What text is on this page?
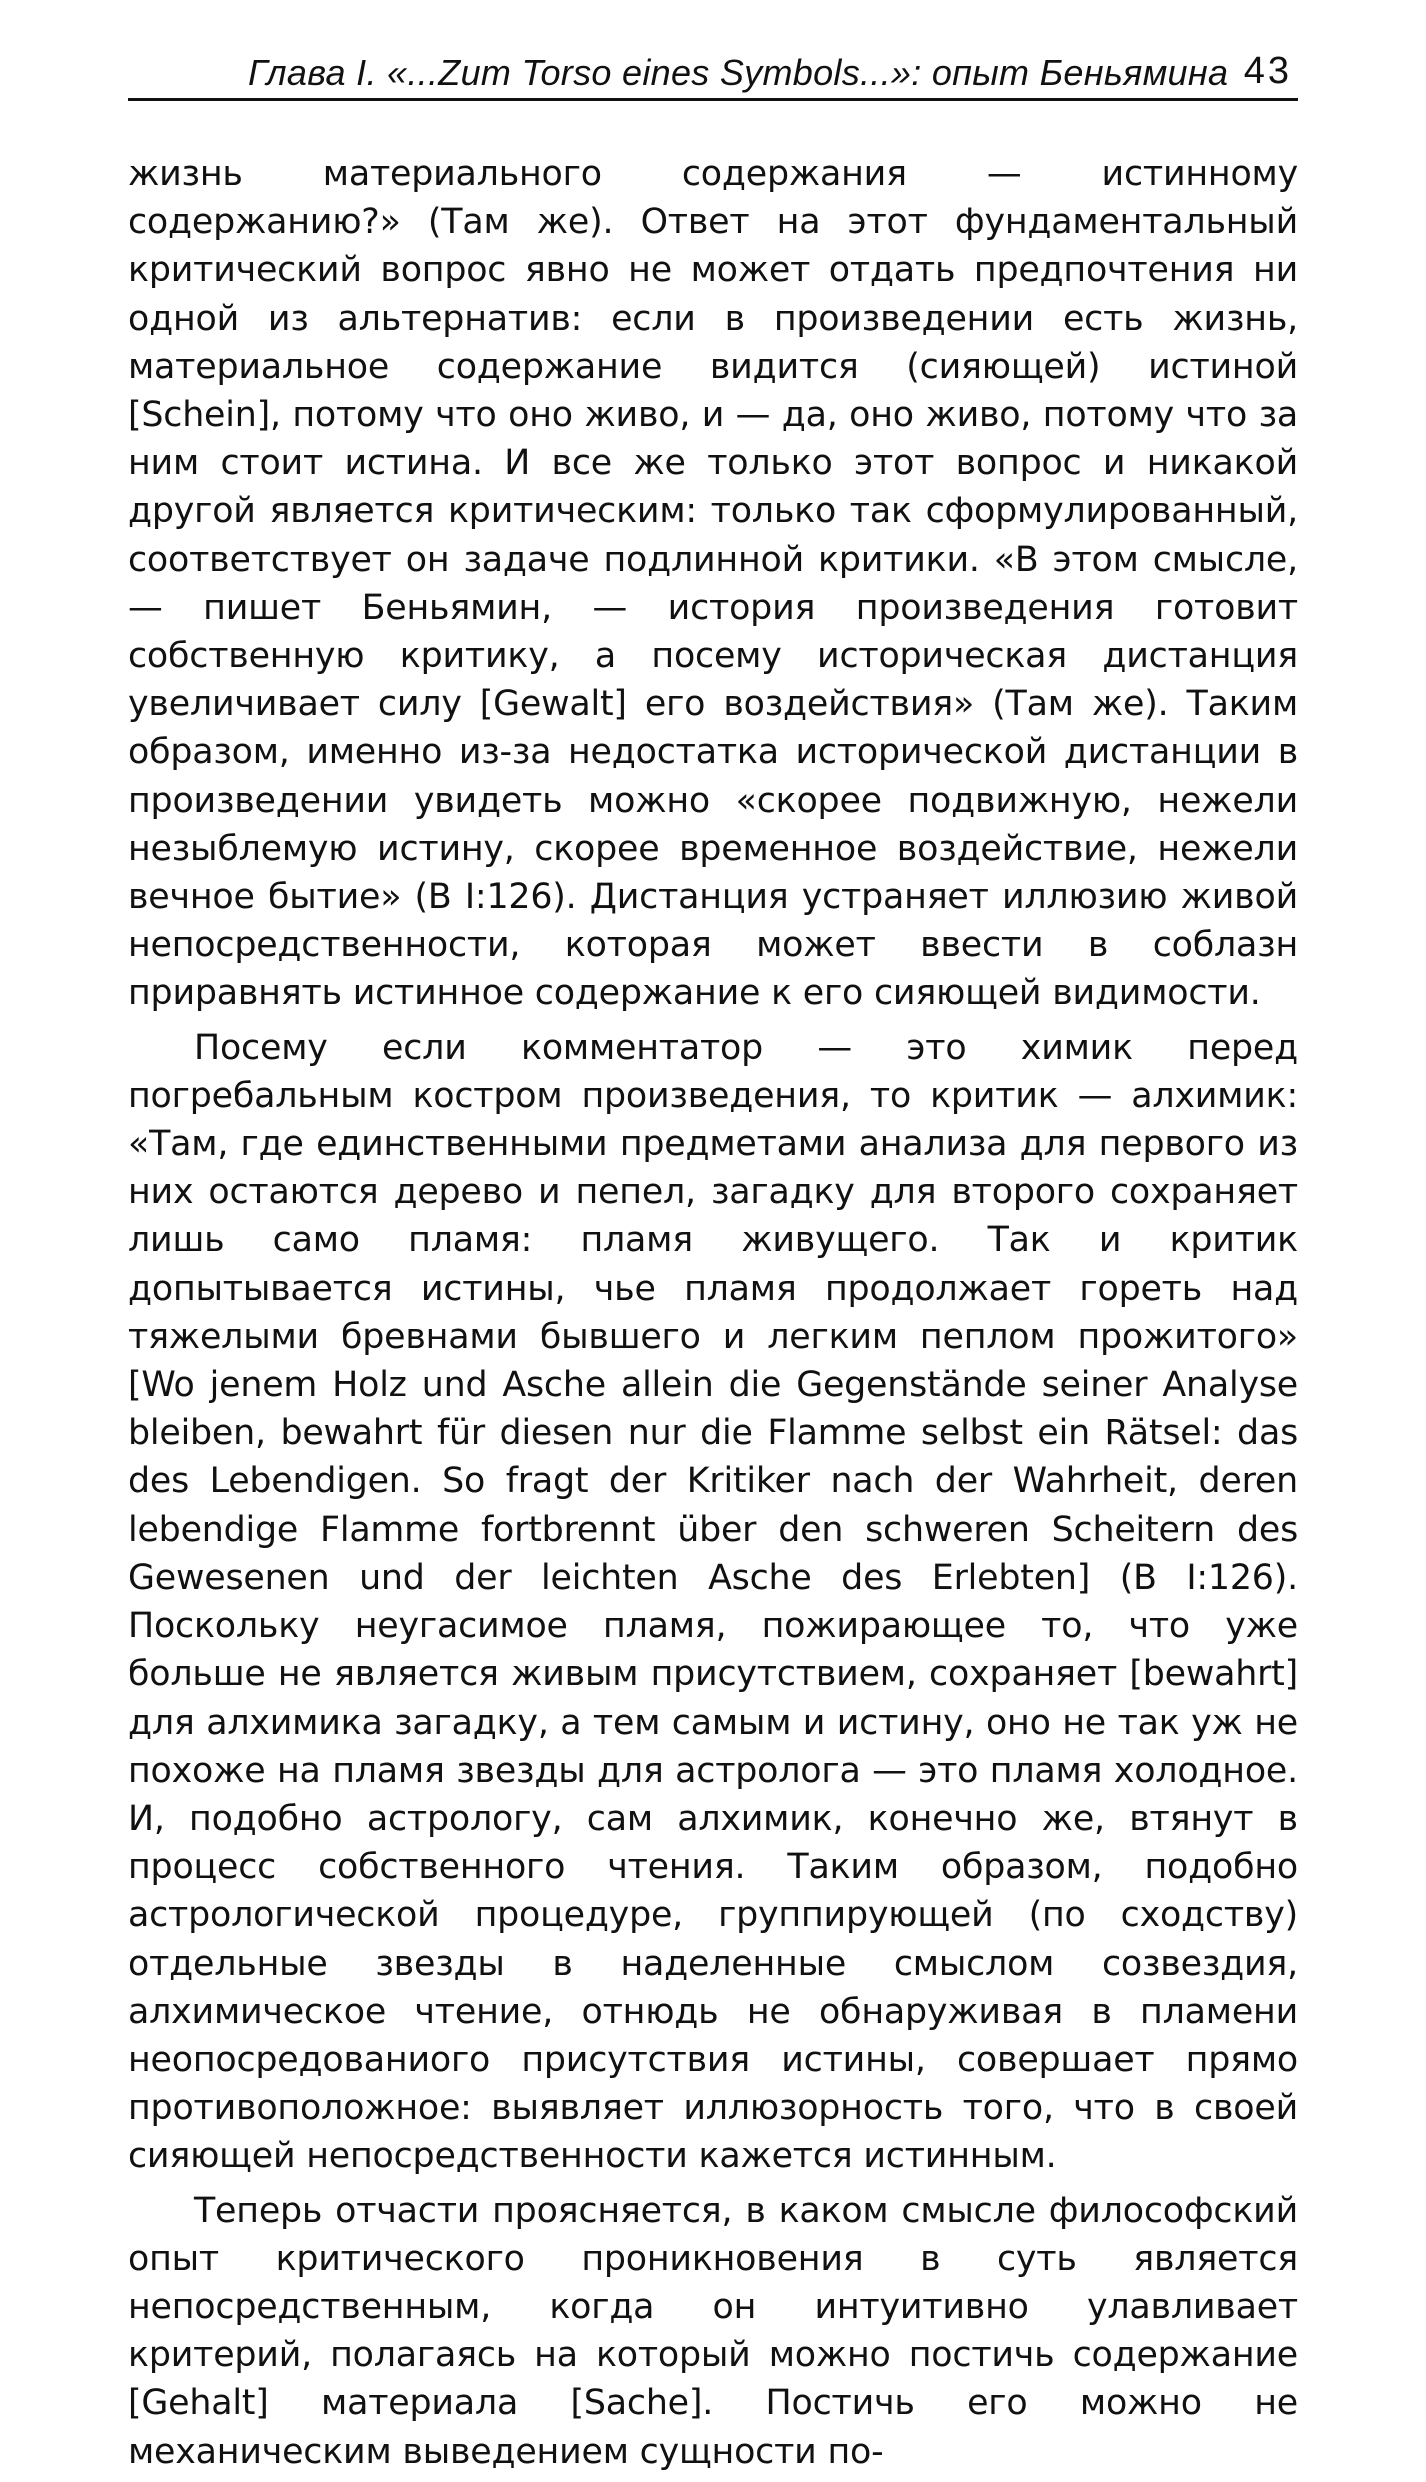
Глава I. «...Zum Torso eines Symbols...»: опыт Беньямина 43

жизнь материального содержания — истинному содержанию?» (Там же). Ответ на этот фундаментальный критический вопрос явно не может отдать предпочтения ни одной из альтернатив: если в произведении есть жизнь, материальное содержание видится (сияющей) истиной [Schein], потому что оно живо, и — да, оно живо, потому что за ним стоит истина. И все же только этот вопрос и никакой другой является критическим: только так сформулированный, соответствует он задаче подлинной критики. «В этом смысле, — пишет Беньямин, — история произведения готовит собственную критику, а посему историческая дистанция увеличивает силу [Gewalt] его воздействия» (Там же). Таким образом, именно из-за недостатка исторической дистанции в произведении увидеть можно «скорее подвижную, нежели незыблемую истину, скорее временное воздействие, нежели вечное бытие» (B I:126). Дистанция устраняет иллюзию живой непосредственности, которая может ввести в соблазн приравнять истинное содержание к его сияющей видимости.

Посему если комментатор — это химик перед погребальным костром произведения, то критик — алхимик: «Там, где единственными предметами анализа для первого из них остаются дерево и пепел, загадку для второго сохраняет лишь само пламя: пламя живущего. Так и критик допытывается истины, чье пламя продолжает гореть над тяжелыми бревнами бывшего и легким пеплом прожитого» [Wo jenem Holz und Asche allein die Gegenstände seiner Analyse bleiben, bewahrt für diesen nur die Flamme selbst ein Rätsel: das des Lebendigen. So fragt der Kritiker nach der Wahrheit, deren lebendige Flamme fortbrennt über den schweren Scheitern des Gewesenen und der leichten Asche des Erlebten] (B I:126). Поскольку неугасимое пламя, пожирающее то, что уже больше не является живым присутствием, сохраняет [bewahrt] для алхимика загадку, а тем самым и истину, оно не так уж не похоже на пламя звезды для астролога — это пламя холодное. И, подобно астрологу, сам алхимик, конечно же, втянут в процесс собственного чтения. Таким образом, подобно астрологической процедуре, группирующей (по сходству) отдельные звезды в наделенные смыслом созвездия, алхимическое чтение, отнюдь не обнаруживая в пламени неопосредованиого присутствия истины, совершает прямо противоположное: выявляет иллюзорность того, что в своей сияющей непосредственности кажется истинным.

Теперь отчасти проясняется, в каком смысле философский опыт критического проникновения в суть является непосредственным, когда он интуитивно улавливает критерий, полагаясь на который можно постичь содержание [Gehalt] материала [Sache]. Постичь его можно не механическим выведением сущности по-
